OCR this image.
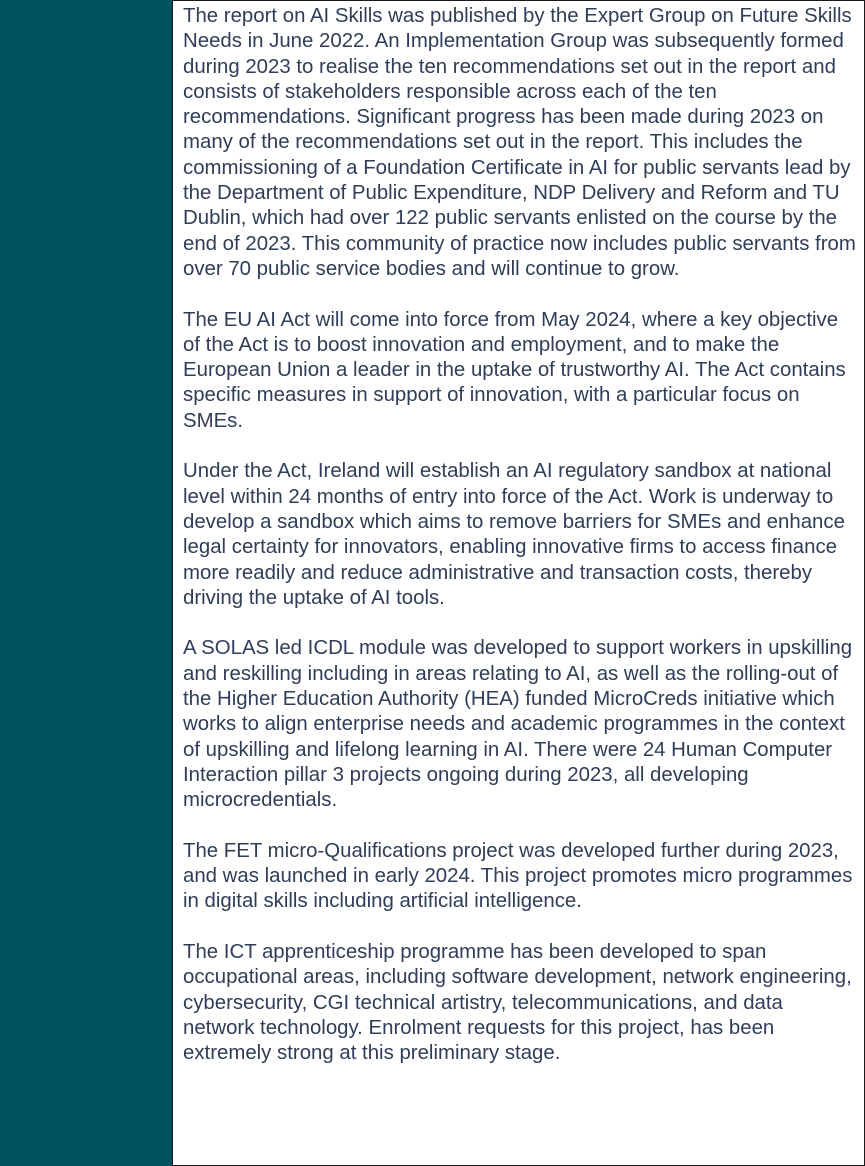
The report on AI Skills was published by the Expert Group on Future Skills Needs in June 2022. An Implementation Group was subsequently formed during 2023 to realise the ten recommendations set out in the report and consists of stakeholders responsible across each of the ten recommendations. Significant progress has been made during 2023 on many of the recommendations set out in the report. This includes the commissioning of a Foundation Certificate in AI for public servants lead by the Department of Public Expenditure, NDP Delivery and Reform and TU Dublin, which had over 122 public servants enlisted on the course by the end of 2023. This community of practice now includes public servants from over 70 public service bodies and will continue to grow.

The EU AI Act will come into force from May 2024, where a key objective of the Act is to boost innovation and employment, and to make the European Union a leader in the uptake of trustworthy AI. The Act contains specific measures in support of innovation, with a particular focus on SMEs.

Under the Act, Ireland will establish an AI regulatory sandbox at national level within 24 months of entry into force of the Act. Work is underway to develop a sandbox which aims to remove barriers for SMEs and enhance legal certainty for innovators, enabling innovative firms to access finance more readily and reduce administrative and transaction costs, thereby driving the uptake of AI tools.

A SOLAS led ICDL module was developed to support workers in upskilling and reskilling including in areas relating to AI, as well as the rolling-out of the Higher Education Authority (HEA) funded MicroCreds initiative which works to align enterprise needs and academic programmes in the context of upskilling and lifelong learning in AI. There were 24 Human Computer Interaction pillar 3 projects ongoing during 2023, all developing microcredentials.

The FET micro-Qualifications project was developed further during 2023, and was launched in early 2024. This project promotes micro programmes in digital skills including artificial intelligence.

The ICT apprenticeship programme has been developed to span occupational areas, including software development, network engineering, cybersecurity, CGI technical artistry, telecommunications, and data network technology. Enrolment requests for this project, has been extremely strong at this preliminary stage.
